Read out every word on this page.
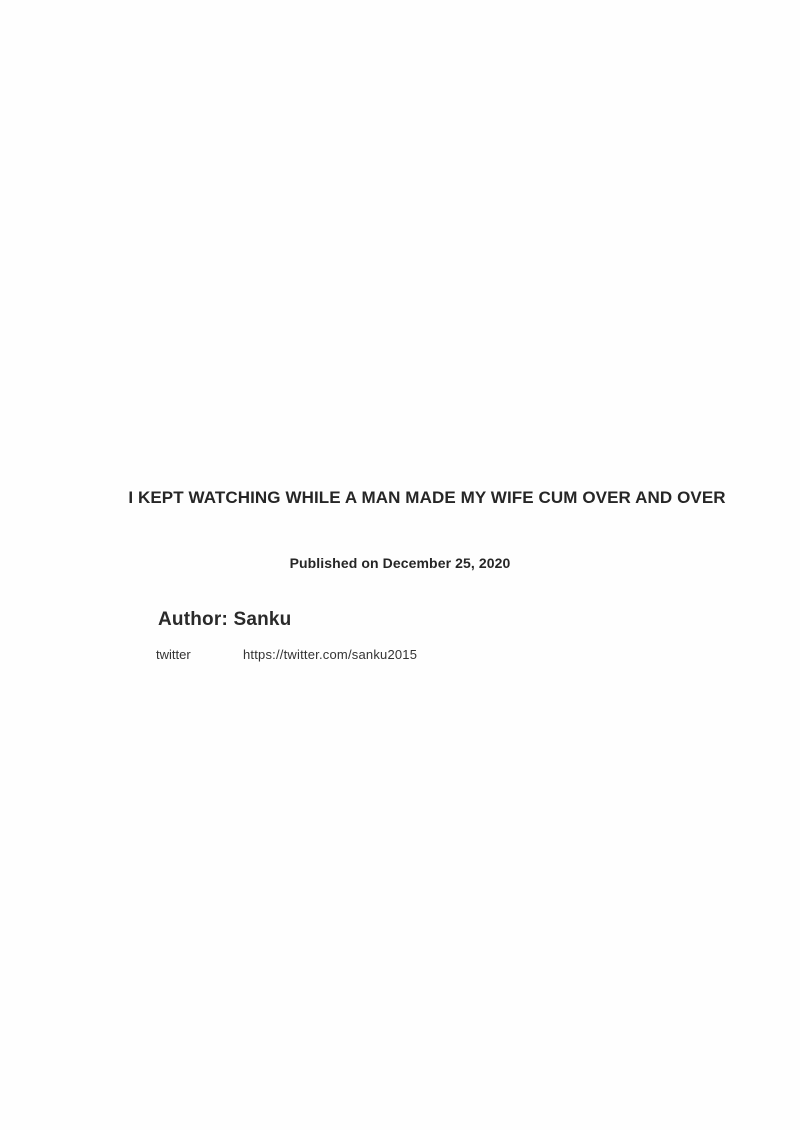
I KEPT WATCHING WHILE A MAN MADE MY WIFE CUM OVER AND OVER
Published on December 25, 2020
Author: Sanku
twitter	https://twitter.com/sanku2015
